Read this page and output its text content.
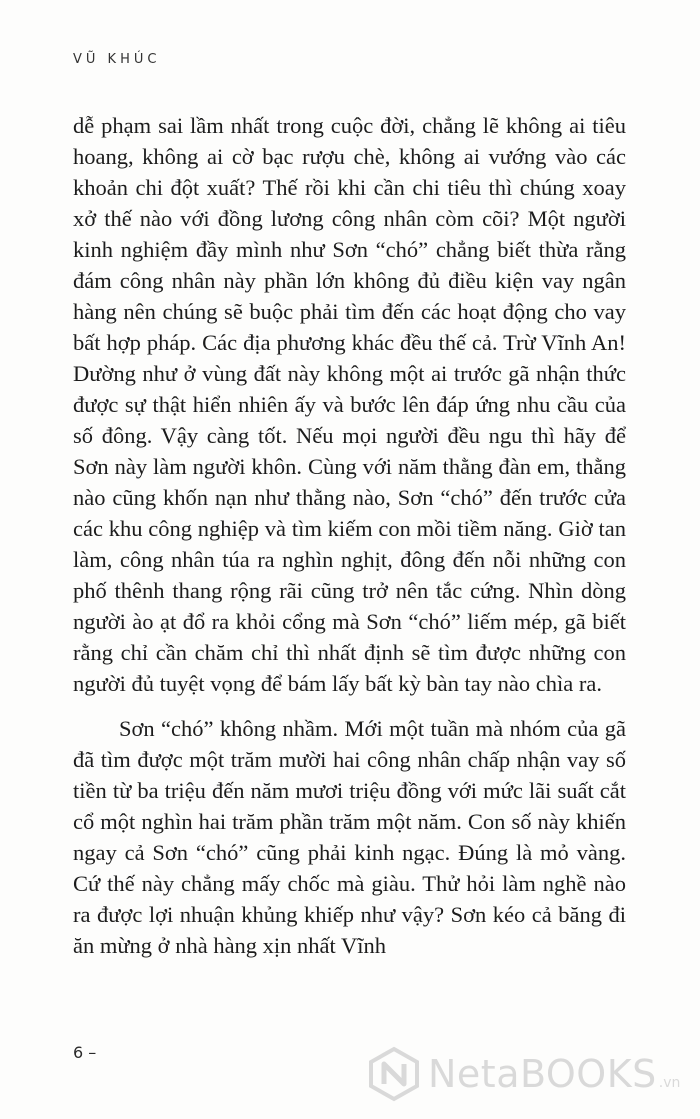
VŨ KHÚC

dễ phạm sai lầm nhất trong cuộc đời, chẳng lẽ không ai tiêu hoang, không ai cờ bạc rượu chè, không ai vướng vào các khoản chi đột xuất? Thế rồi khi cần chi tiêu thì chúng xoay xở thế nào với đồng lương công nhân còm cõi? Một người kinh nghiệm đầy mình như Sơn “chó” chẳng biết thừa rằng đám công nhân này phần lớn không đủ điều kiện vay ngân hàng nên chúng sẽ buộc phải tìm đến các hoạt động cho vay bất hợp pháp. Các địa phương khác đều thế cả. Trừ Vĩnh An! Dường như ở vùng đất này không một ai trước gã nhận thức được sự thật hiển nhiên ấy và bước lên đáp ứng nhu cầu của số đông. Vậy càng tốt. Nếu mọi người đều ngu thì hãy để Sơn này làm người khôn. Cùng với năm thằng đàn em, thằng nào cũng khốn nạn như thằng nào, Sơn “chó” đến trước cửa các khu công nghiệp và tìm kiếm con mồi tiềm năng. Giờ tan làm, công nhân túa ra nghìn nghịt, đông đến nỗi những con phố thênh thang rộng rãi cũng trở nên tắc cứng. Nhìn dòng người ào ạt đổ ra khỏi cổng mà Sơn “chó” liếm mép, gã biết rằng chỉ cần chăm chỉ thì nhất định sẽ tìm được những con người đủ tuyệt vọng để bám lấy bất kỳ bàn tay nào chìa ra.

Sơn “chó” không nhầm. Mới một tuần mà nhóm của gã đã tìm được một trăm mười hai công nhân chấp nhận vay số tiền từ ba triệu đến năm mươi triệu đồng với mức lãi suất cắt cổ một nghìn hai trăm phần trăm một năm. Con số này khiến ngay cả Sơn “chó” cũng phải kinh ngạc. Đúng là mỏ vàng. Cứ thế này chẳng mấy chốc mà giàu. Thử hỏi làm nghề nào ra được lợi nhuận khủng khiếp như vậy? Sơn kéo cả băng đi ăn mừng ở nhà hàng xịn nhất Vĩnh

6 –	NetaBOOKS .vn
